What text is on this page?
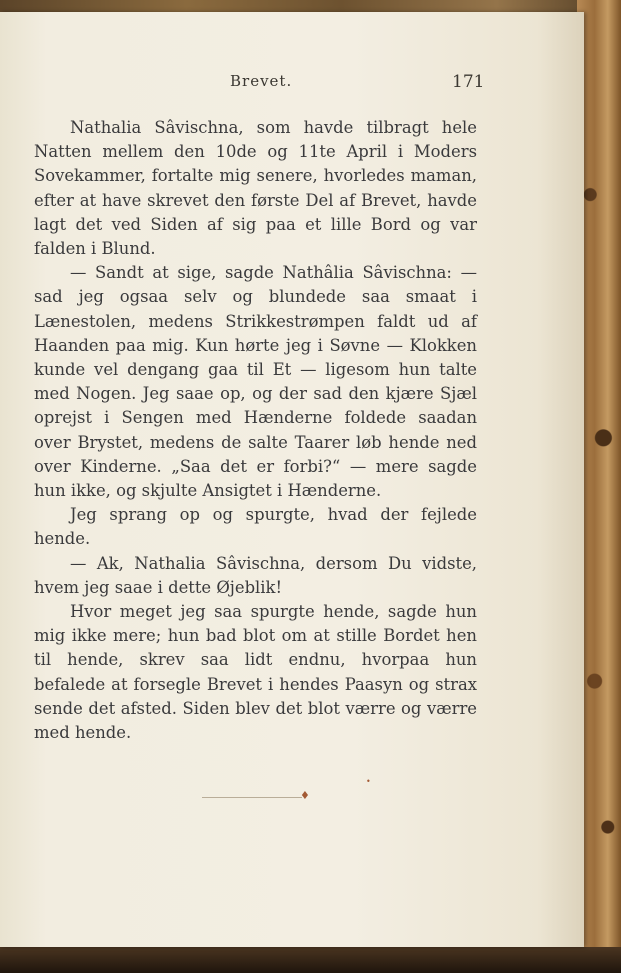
Brevet.	171

Nathalia Sâvischna, som havde tilbragt hele Natten mellem den 10de og 11te April i Moders Sovekammer, fortalte mig senere, hvorledes maman, efter at have skrevet den første Del af Brevet, havde lagt det ved Siden af sig paa et lille Bord og var falden i Blund.

— Sandt at sige, sagde Nathâlia Sâvischna: — sad jeg ogsaa selv og blundede saa smaat i Lænestolen, medens Strikkestrømpen faldt ud af Haanden paa mig. Kun hørte jeg i Søvne — Klokken kunde vel dengang gaa til Et — ligesom hun talte med Nogen. Jeg saae op, og der sad den kjære Sjæl oprejst i Sengen med Hænderne foldede saadan over Brystet, medens de salte Taarer løb hende ned over Kinderne. „Saa det er forbi?“ — mere sagde hun ikke, og skjulte Ansigtet i Hænderne.

Jeg sprang op og spurgte, hvad der fejlede hende.

— Ak, Nathalia Sâvischna, dersom Du vidste, hvem jeg saae i dette Øjeblik!

Hvor meget jeg saa spurgte hende, sagde hun mig ikke mere; hun bad blot om at stille Bordet hen til hende, skrev saa lidt endnu, hvorpaa hun befalede at forsegle Brevet i hendes Paasyn og strax sende det afsted. Siden blev det blot værre og værre med hende.

♦
•
